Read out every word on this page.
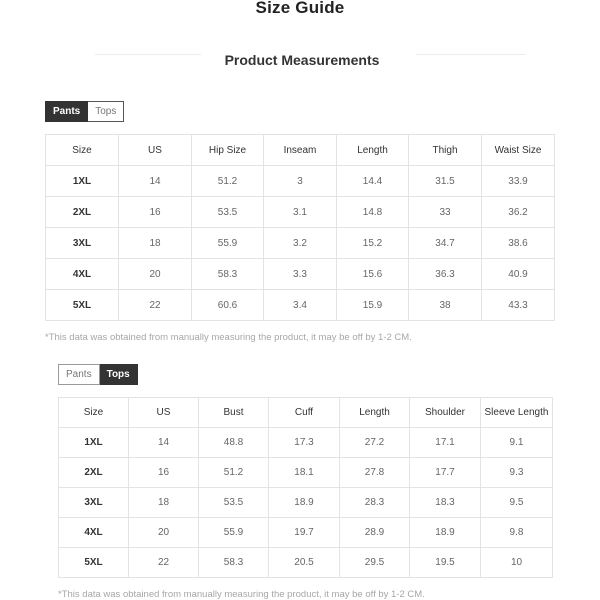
Size Guide
Product Measurements
Pants	Tops
Size	US	Hip Size	Inseam	Length	Thigh	Waist Size
1XL	14	51.2	3	14.4	31.5	33.9
2XL	16	53.5	3.1	14.8	33	36.2
3XL	18	55.9	3.2	15.2	34.7	38.6
4XL	20	58.3	3.3	15.6	36.3	40.9
5XL	22	60.6	3.4	15.9	38	43.3
*This data was obtained from manually measuring the product, it may be off by 1-2 CM.
Pants	Tops
Size	US	Bust	Cuff	Length	Shoulder	Sleeve Length
1XL	14	48.8	17.3	27.2	17.1	9.1
2XL	16	51.2	18.1	27.8	17.7	9.3
3XL	18	53.5	18.9	28.3	18.3	9.5
4XL	20	55.9	19.7	28.9	18.9	9.8
5XL	22	58.3	20.5	29.5	19.5	10
*This data was obtained from manually measuring the product, it may be off by 1-2 CM.
